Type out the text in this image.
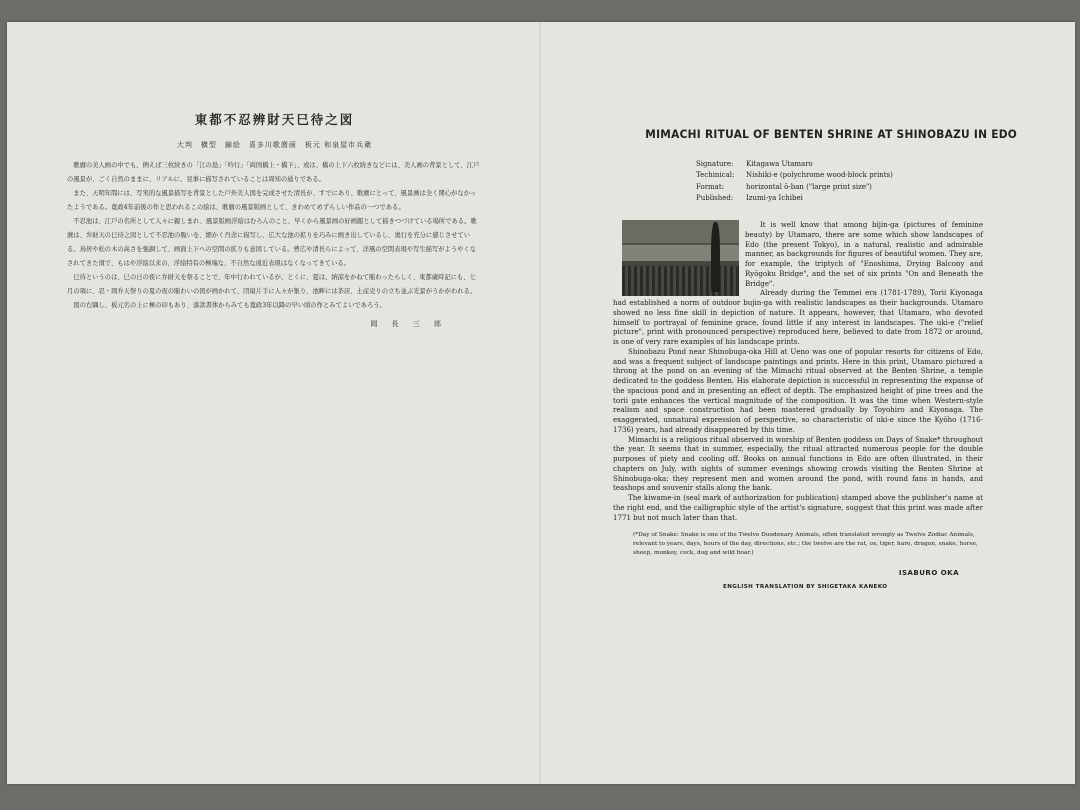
東都不忍辨財天巳待之図
大判　横型　錦絵　喜多川歌麿画　板元 和泉屋市兵衛

歌麿の美人画の中でも、例えば三枚続きの「江の島」「吟行」「両国橋上・橋下」、或は、橋の上下六枚続きなどには、美人画の背景として、江戸の風景が、ごく自然のままに、リアルに、見事に描写されていることは周知の通りである。

また、天明年間には、写実的な風景描写を背景とした戸外美人図を完成させた清長が、すでにあり、歌麿にとって、風景画は全く関心がなかったようである。寛政4年前後の作と思われるこの絵は、歌麿の風景版画として、きわめてめずらしい作品の一つである。

不忍池は、江戸の名所として人々に親しまれ、風景版画浮絵はむろんのこと、早くから風景画の好画題として描きつづけている場所である。歌麿は、弁財天の巳待之図として不忍池の賑いを、細かく丹念に描写し、広大な池の拡りを巧みに画き出しているし、奥行を充分に感じさせている。鳥居や松の木の高さを強調して、画面上下への空間の拡りも意図している。豊広や清長らによって、洋風の空間表現や写生描写がようやくなされてきた頃で、もはや浮絵以来の、浮絵特有の極端な、不自然な遠近表現はなくなってきている。

巳待というのは、巳の日の夜に弁財天を祭ることで、年中行われているが、とくに、夏は、納涼をかねて賑わったらしく、東都歳時記にも、七月の項に、忍・岡弁天祭りの夏の夜の賑わいの図が画かれて、団扇片手に人々が集り、池畔には茶店、土産売りの立ち並ぶ光景がうかがわれる。

図の右隅し、板元名の上に極の印もあり、落款書体からみても寛政3年以降の早い頃の作とみてよいであろう。

岡 長 三 郎
MIMACHI RITUAL OF BENTEN SHRINE AT SHINOBAZU IN EDO
Signature:	Kitagawa Utamaro
Techinical:	Nishiki-e (polychrome wood-block prints)
Format:	horizontal ō-ban ("large print size")
Published:	Izumi-ya Ichibei

It is well know that among bijin-ga (pictures of feminine beauty) by Utamaro, there are some which show landscapes of Edo (the present Tokyo), in a natural, realistic and admirable manner, as backgrounds for figures of beautiful women. They are, for example, the triptych of "Enoshima, Drying Balcony and Ryōgoku Bridge", and the set of six prints "On and Beneath the Bridge".

Already during the Temmei era (1781-1789), Torii Kiyonaga had established a norm of outdoor bujin-ga with realistic landscapes as their backgrounds. Utamaro showed no less fine skill in depiction of nature. It appears, however, that Utamaro, who devoted himself to portrayal of feminine grace, found little if any interest in landscapes. The uki-e ("relief picture", print with pronounced perspective) reproduced here, believed to date from 1872 or around, is one of very rare examples of his landscape prints.

Shinobazu Pond near Shinobuga-oka Hill at Ueno was one of popular resorts for citizens of Edo, and was a frequent subject of landscape paintings and prints. Here in this print, Utamaro pictured a throng at the pond on an evening of the Mimachi ritual observed at the Benten Shrine, a temple dedicated to the goddess Benten. His elaborate depiction is successful in representing the expanse of the spacious pond and in presenting an effect of depth. The emphasized height of pine trees and the torii gate enhances the vertical magnitude of the composition. It was the time when Western-style realism and space construction had been mastered gradually by Toyohiro and Kiyonaga. The exaggerated, unnatural expression of perspective, so characteristic of uki-e since the Kyōho (1716-1736) years, had already disappeared by this time.

Mimachi is a religious ritual observed in worship of Benten goddess on Days of Snake* throughout the year. It seems that in summer, especially, the ritual attracted numerous people for the double purposes of piety and cooling off. Books on annual functions in Edo are often illustrated, in their chapters on July, with sights of summer evenings showing crowds visiting the Benten Shrine at Shinobuga-oka; they represent men and women around the pond, with round fans in hands, and teashops and souvenir stalls along the bank.

The kiwame-in (seal mark of authorization for publication) stamped above the publisher's name at the right end, and the calligraphic style of the artist's signature, suggest that this print was made after 1771 but not much later than that.

(*Day of Snake: Snake is one of the Twelve Duodenary Animals, often translated wrongly as Twelve Zodiac Animals, relevant to years, days, hours of the day, directions, etc.; the twelve are the rat, ox, tiger, hare, dragon, snake, horse, sheep, monkey, cock, dog and wild boar.)
ISABURO OKA
ENGLISH TRANSLATION BY SHIGETAKA KANEKO
